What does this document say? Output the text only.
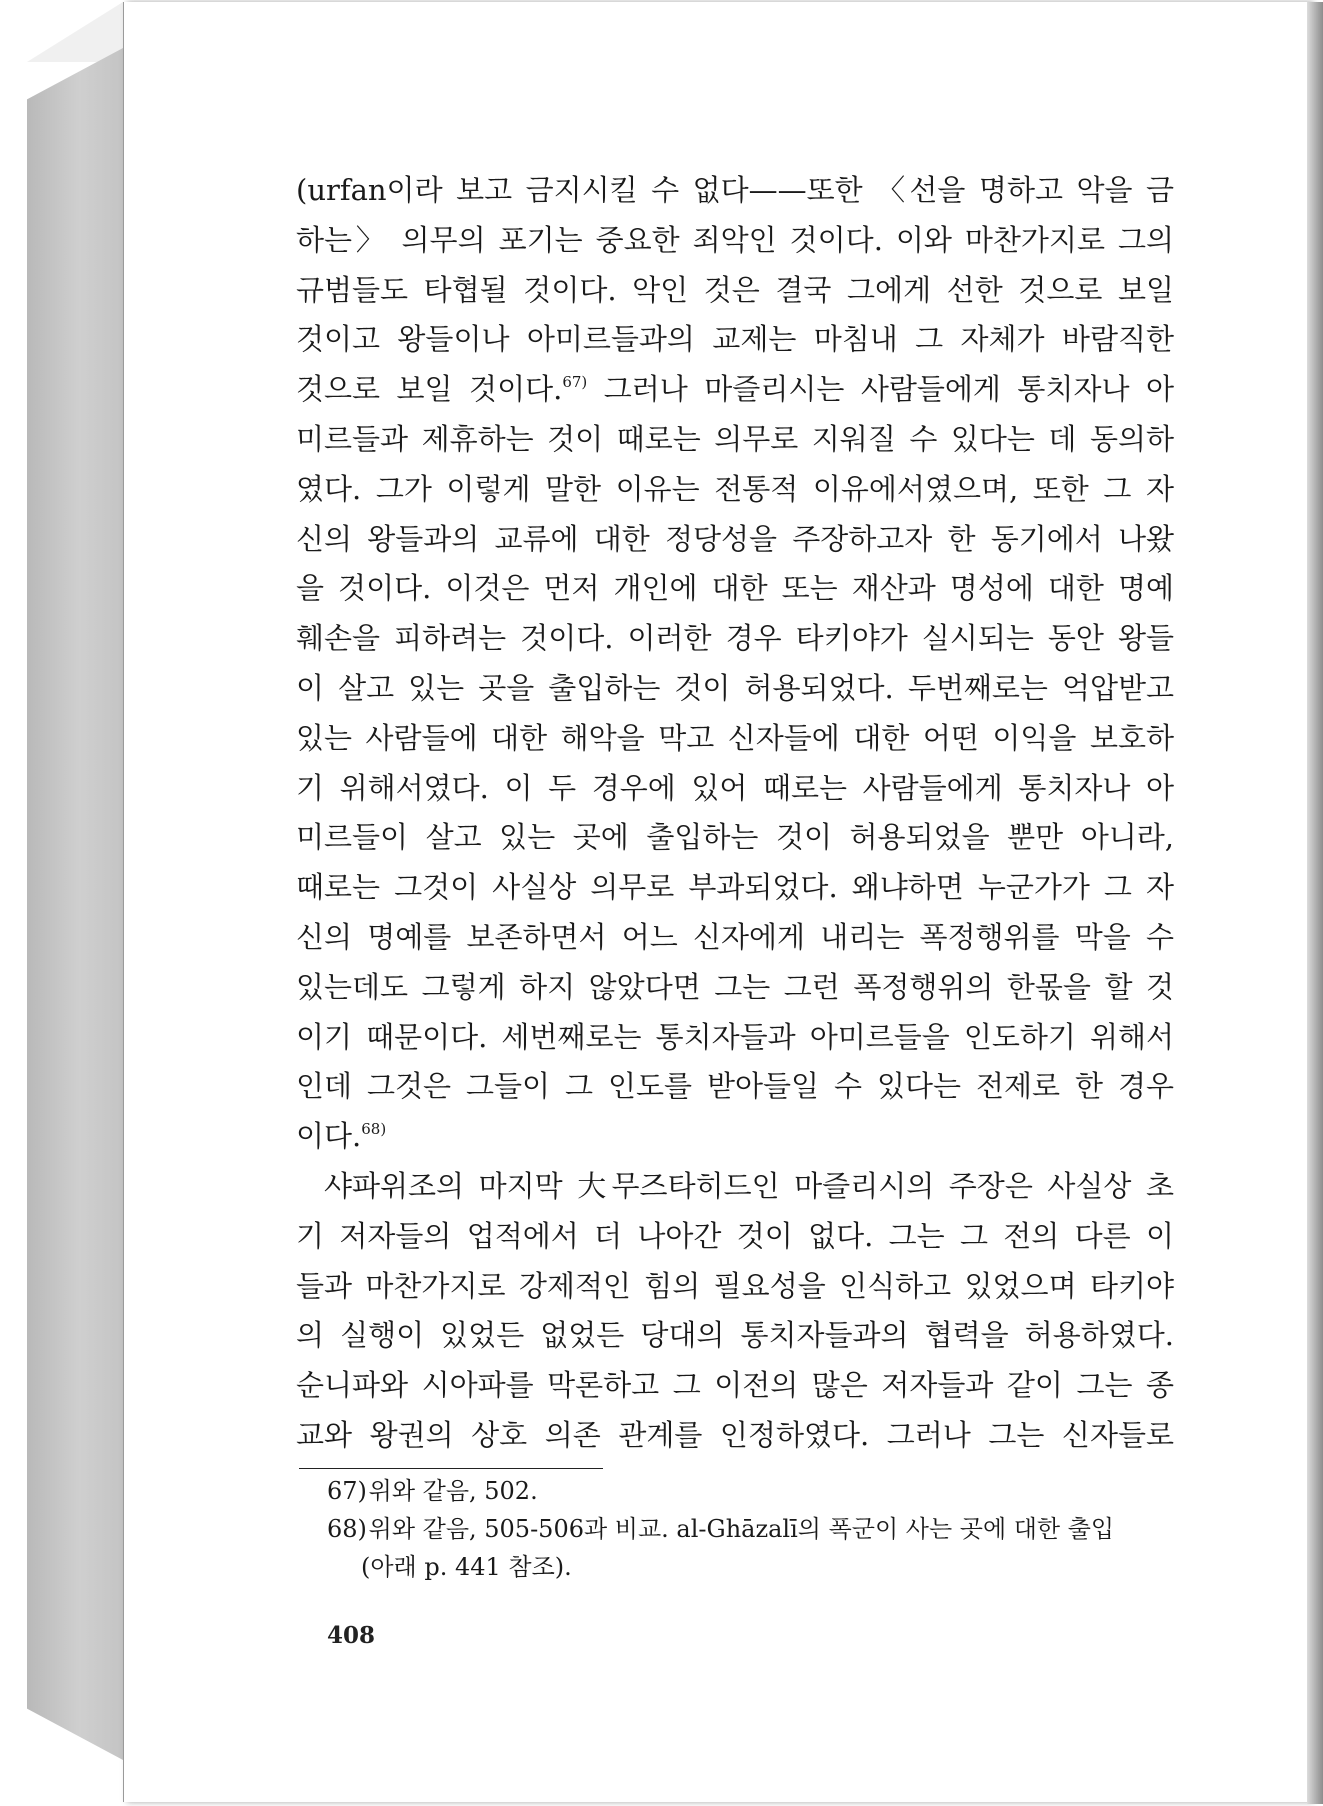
(urfan이라 보고 금지시킬 수 없다——또한 〈선을 명하고 악을 금
하는〉 의무의 포기는 중요한 죄악인 것이다. 이와 마찬가지로 그의
규범들도 타협될 것이다. 악인 것은 결국 그에게 선한 것으로 보일
것이고 왕들이나 아미르들과의 교제는 마침내 그 자체가 바람직한
것으로 보일 것이다.$^{67)}$ 그러나 마즐리시는 사람들에게 통치자나 아
미르들과 제휴하는 것이 때로는 의무로 지워질 수 있다는 데 동의하
였다. 그가 이렇게 말한 이유는 전통적 이유에서였으며, 또한 그 자
신의 왕들과의 교류에 대한 정당성을 주장하고자 한 동기에서 나왔
을 것이다. 이것은 먼저 개인에 대한 또는 재산과 명성에 대한 명예
훼손을 피하려는 것이다. 이러한 경우 타키야가 실시되는 동안 왕들
이 살고 있는 곳을 출입하는 것이 허용되었다. 두번째로는 억압받고
있는 사람들에 대한 해악을 막고 신자들에 대한 어떤 이익을 보호하
기 위해서였다. 이 두 경우에 있어 때로는 사람들에게 통치자나 아
미르들이 살고 있는 곳에 출입하는 것이 허용되었을 뿐만 아니라,
때로는 그것이 사실상 의무로 부과되었다. 왜냐하면 누군가가 그 자
신의 명예를 보존하면서 어느 신자에게 내리는 폭정행위를 막을 수
있는데도 그렇게 하지 않았다면 그는 그런 폭정행위의 한몫을 할 것
이기 때문이다. 세번째로는 통치자들과 아미르들을 인도하기 위해서
인데 그것은 그들이 그 인도를 받아들일 수 있다는 전제로 한 경우
이다.$^{68)}$
샤파위조의 마지막 大무즈타히드인 마즐리시의 주장은 사실상 초
기 저자들의 업적에서 더 나아간 것이 없다. 그는 그 전의 다른 이
들과 마찬가지로 강제적인 힘의 필요성을 인식하고 있었으며 타키야
의 실행이 있었든 없었든 당대의 통치자들과의 협력을 허용하였다.
순니파와 시아파를 막론하고 그 이전의 많은 저자들과 같이 그는 종
교와 왕권의 상호 의존 관계를 인정하였다. 그러나 그는 신자들로
67) 위와 같음, 502.
68) 위와 같음, 505-506과 비교. al-Ghāzalī의 폭군이 사는 곳에 대한 출입
(아래 p. 441 참조).
408
